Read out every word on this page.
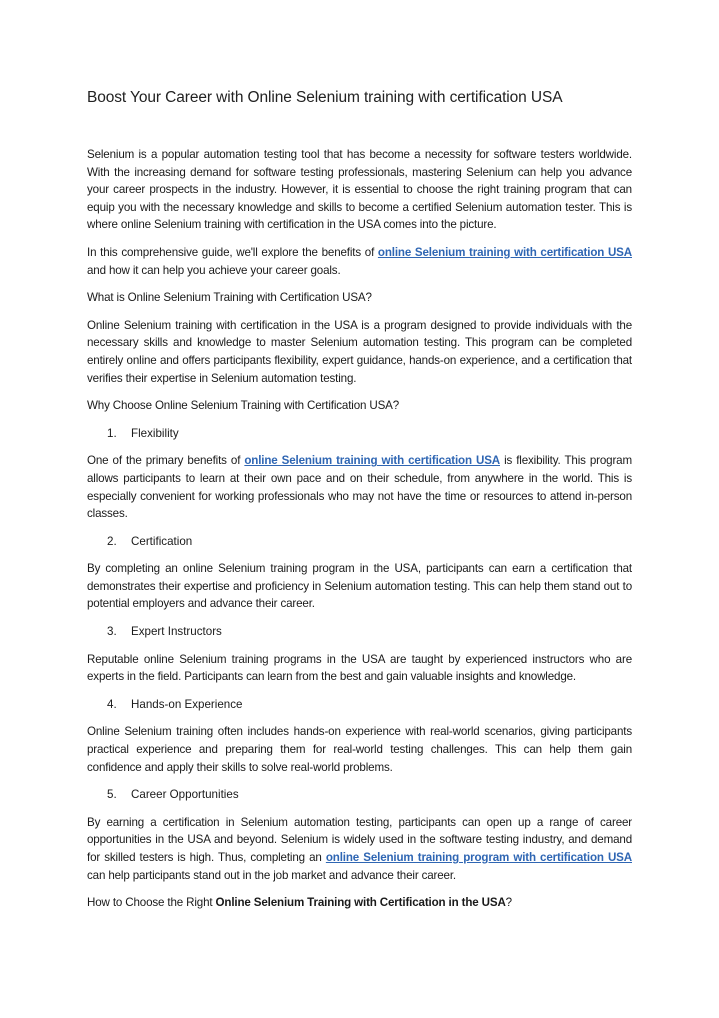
Boost Your Career with Online Selenium training with certification USA

Selenium is a popular automation testing tool that has become a necessity for software testers worldwide. With the increasing demand for software testing professionals, mastering Selenium can help you advance your career prospects in the industry. However, it is essential to choose the right training program that can equip you with the necessary knowledge and skills to become a certified Selenium automation tester. This is where online Selenium training with certification in the USA comes into the picture.

In this comprehensive guide, we'll explore the benefits of online Selenium training with certification USA and how it can help you achieve your career goals.

What is Online Selenium Training with Certification USA?

Online Selenium training with certification in the USA is a program designed to provide individuals with the necessary skills and knowledge to master Selenium automation testing. This program can be completed entirely online and offers participants flexibility, expert guidance, hands-on experience, and a certification that verifies their expertise in Selenium automation testing.

Why Choose Online Selenium Training with Certification USA?

1. Flexibility

One of the primary benefits of online Selenium training with certification USA is flexibility. This program allows participants to learn at their own pace and on their schedule, from anywhere in the world. This is especially convenient for working professionals who may not have the time or resources to attend in-person classes.

2. Certification

By completing an online Selenium training program in the USA, participants can earn a certification that demonstrates their expertise and proficiency in Selenium automation testing. This can help them stand out to potential employers and advance their career.

3. Expert Instructors

Reputable online Selenium training programs in the USA are taught by experienced instructors who are experts in the field. Participants can learn from the best and gain valuable insights and knowledge.

4. Hands-on Experience

Online Selenium training often includes hands-on experience with real-world scenarios, giving participants practical experience and preparing them for real-world testing challenges. This can help them gain confidence and apply their skills to solve real-world problems.

5. Career Opportunities

By earning a certification in Selenium automation testing, participants can open up a range of career opportunities in the USA and beyond. Selenium is widely used in the software testing industry, and demand for skilled testers is high. Thus, completing an online Selenium training program with certification USA can help participants stand out in the job market and advance their career.

How to Choose the Right Online Selenium Training with Certification in the USA?
